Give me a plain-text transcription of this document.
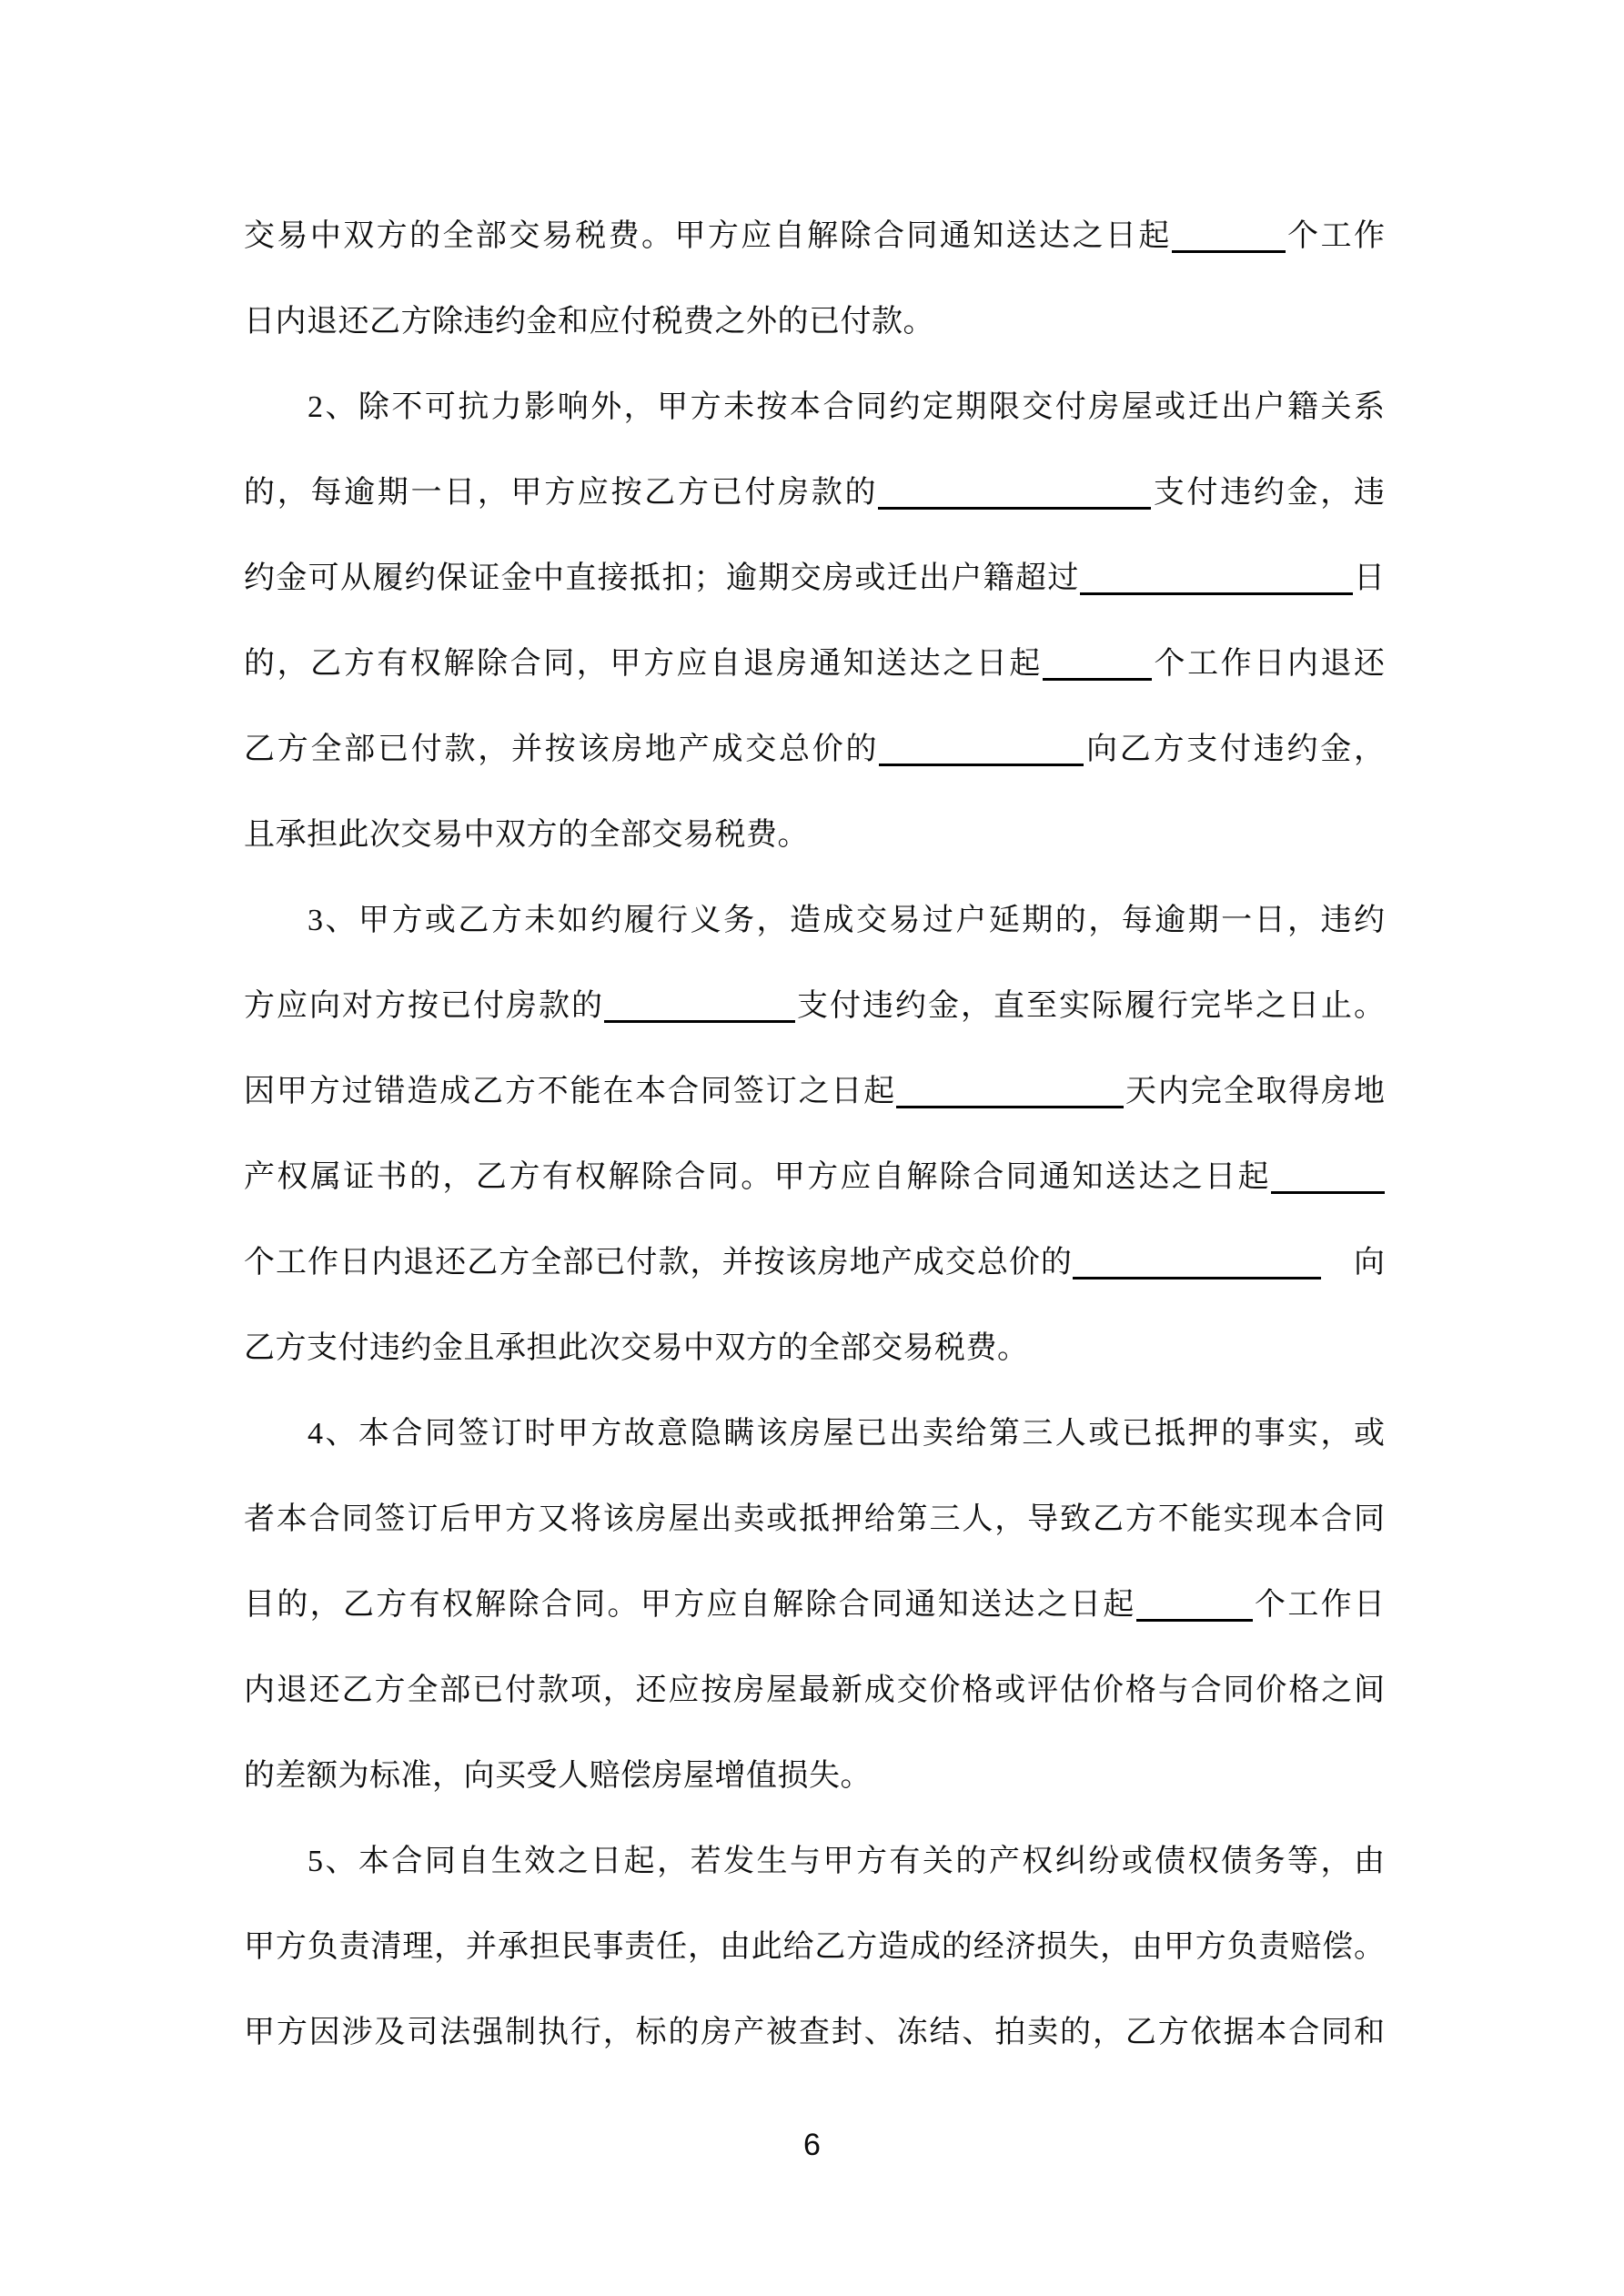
交易中双方的全部交易税费。甲方应自解除合同通知送达之日起	个工作
日内退还乙方除违约金和应付税费之外的已付款。
2、除不可抗力影响外，甲方未按本合同约定期限交付房屋或迁出户籍关系
的，每逾期一日，甲方应按乙方已付房款的	支付违约金，违
约金可从履约保证金中直接抵扣；逾期交房或迁出户籍超过	日
的，乙方有权解除合同，甲方应自退房通知送达之日起	个工作日内退还
乙方全部已付款，并按该房地产成交总价的	向乙方支付违约金，
且承担此次交易中双方的全部交易税费。
3、甲方或乙方未如约履行义务，造成交易过户延期的，每逾期一日，违约
方应向对方按已付房款的	支付违约金，直至实际履行完毕之日止。
因甲方过错造成乙方不能在本合同签订之日起	天内完全取得房地
产权属证书的，乙方有权解除合同。甲方应自解除合同通知送达之日起
个工作日内退还乙方全部已付款，并按该房地产成交总价的	　向
乙方支付违约金且承担此次交易中双方的全部交易税费。
4、本合同签订时甲方故意隐瞒该房屋已出卖给第三人或已抵押的事实，或
者本合同签订后甲方又将该房屋出卖或抵押给第三人，导致乙方不能实现本合同
目的，乙方有权解除合同。甲方应自解除合同通知送达之日起	个工作日
内退还乙方全部已付款项，还应按房屋最新成交价格或评估价格与合同价格之间
的差额为标准，向买受人赔偿房屋增值损失。
5、本合同自生效之日起，若发生与甲方有关的产权纠纷或债权债务等，由
甲方负责清理，并承担民事责任，由此给乙方造成的经济损失，由甲方负责赔偿。
甲方因涉及司法强制执行，标的房产被查封、冻结、拍卖的，乙方依据本合同和
6
